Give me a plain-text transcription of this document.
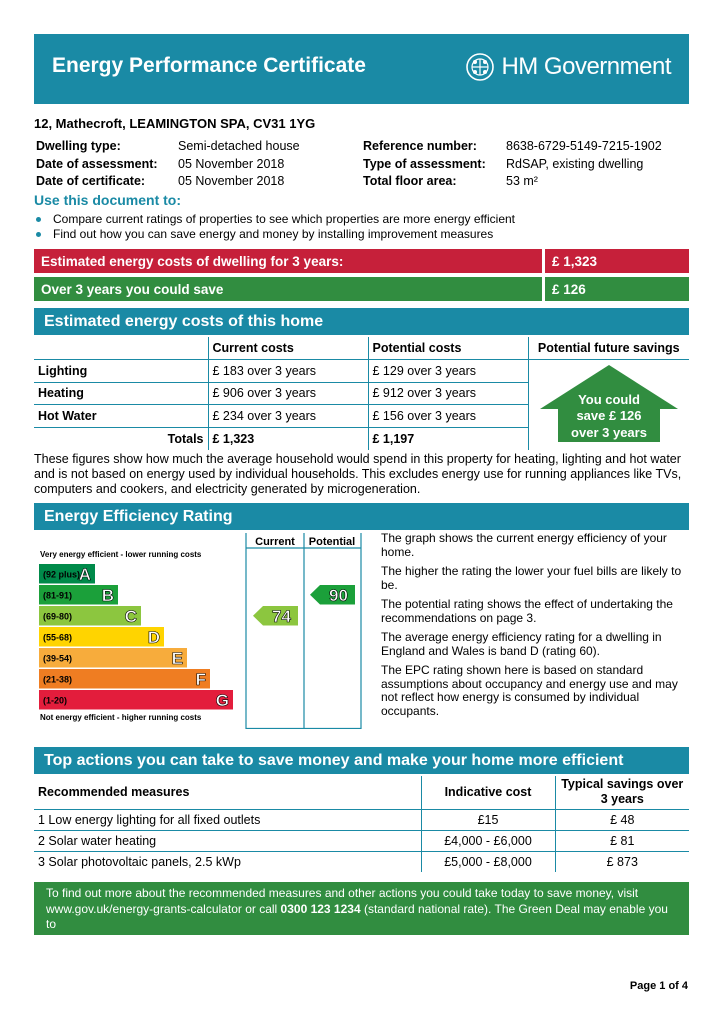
Energy Performance Certificate	HM Government
12, Mathecroft, LEAMINGTON SPA, CV31 1YG
Dwelling type:	Semi-detached house
Date of assessment:	05 November 2018
Date of certificate:	05 November 2018
Reference number:	8638-6729-5149-7215-1902
Type of assessment:	RdSAP, existing dwelling
Total floor area:	53 m²
Use this document to:
Compare current ratings of properties to see which properties are more energy efficient
Find out how you can save energy and money by installing improvement measures
Estimated energy costs of dwelling for 3 years:	£ 1,323
Over 3 years you could save	£ 126
Estimated energy costs of this home
	Current costs	Potential costs	Potential future savings
Lighting	£ 183 over 3 years	£ 129 over 3 years	
Heating	£ 906 over 3 years	£ 912 over 3 years	
Hot Water	£ 234 over 3 years	£ 156 over 3 years	
Totals	£ 1,323	£ 1,197	
You could
save £ 126
over 3 years
These figures show how much the average household would spend in this property for heating, lighting and hot water and is not based on energy used by individual households. This excludes energy use for running appliances like TVs, computers and cookers, and electricity generated by microgeneration.
Energy Efficiency Rating
Current Potential
Very energy efficient - lower running costs
Not energy efficient - higher running costs
(92 plus)
A
(81-91) B
(69-80)	C
(55-68)	D
(39-54)	E
(21-38)	F
(1-20)	G
74
90

The graph shows the current energy efficiency of your home.

The higher the rating the lower your fuel bills are likely to be.

The potential rating shows the effect of undertaking the recommendations on page 3.

The average energy efficiency rating for a dwelling in England and Wales is band D (rating 60).

The EPC rating shown here is based on standard assumptions about occupancy and energy use and may not reflect how energy is consumed by individual occupants.

Top actions you can take to save money and make your home more efficient
Recommended measures	Indicative cost	Typical savings over 3 years
1 Low energy lighting for all fixed outlets	£15	£ 48
2 Solar water heating	£4,000 - £6,000	£ 81
3 Solar photovoltaic panels, 2.5 kWp	£5,000 - £8,000	£ 873
To find out more about the recommended measures and other actions you could take today to save money, visit
www.gov.uk/energy-grants-calculator or call 0300 123 1234 (standard national rate). The Green Deal may enable you to
make your home warmer and cheaper to run.
Page 1 of 4
